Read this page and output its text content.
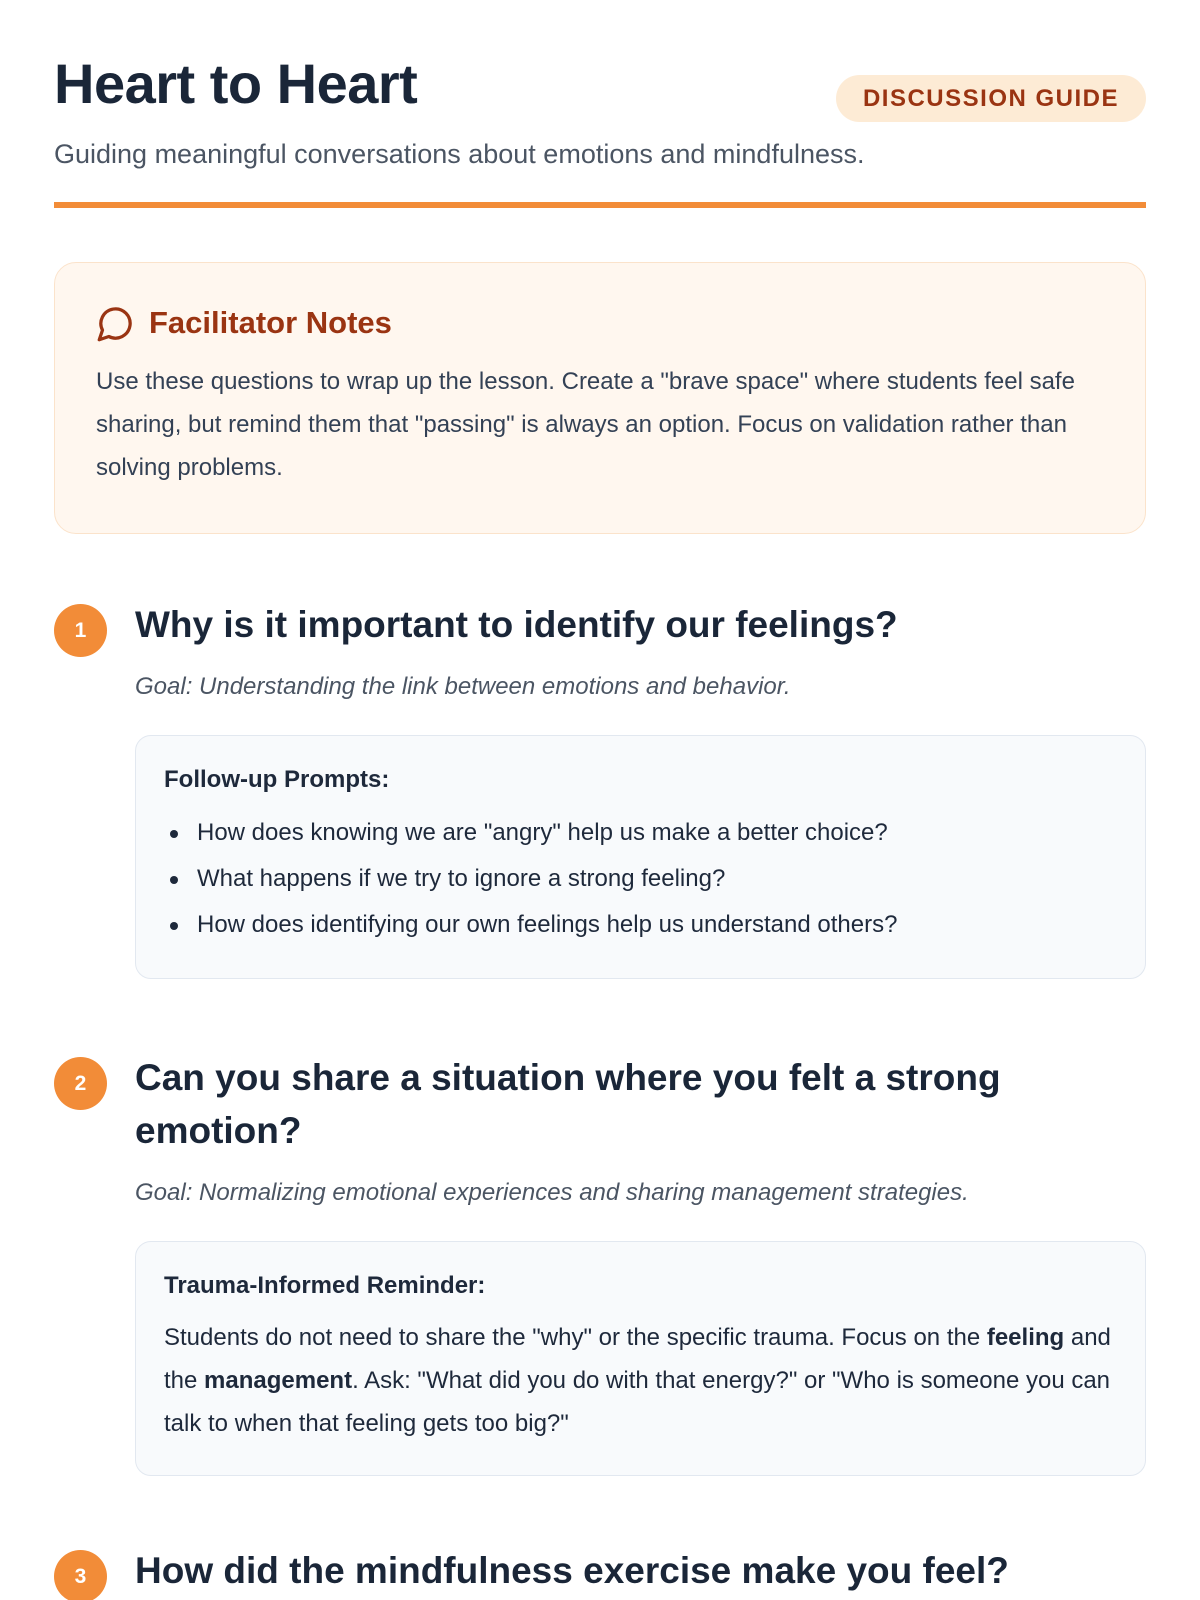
Heart to Heart	DISCUSSION GUIDE

Guiding meaningful conversations about emotions and mindfulness.

Facilitator Notes

Use these questions to wrap up the lesson. Create a "brave space" where students feel safe sharing, but remind them that "passing" is always an option. Focus on validation rather than solving problems.

1	Why is it important to identify our feelings?

Goal: Understanding the link between emotions and behavior.

Follow-up Prompts:
How does knowing we are "angry" help us make a better choice?
What happens if we try to ignore a strong feeling?
How does identifying our own feelings help us understand others?
2	Can you share a situation where you felt a strong emotion?

Goal: Normalizing emotional experiences and sharing management strategies.

Trauma-Informed Reminder:

Students do not need to share the "why" or the specific trauma. Focus on the feeling and the management. Ask: "What did you do with that energy?" or "Who is someone you can talk to when that feeling gets too big?"

3	How did the mindfulness exercise make you feel?
